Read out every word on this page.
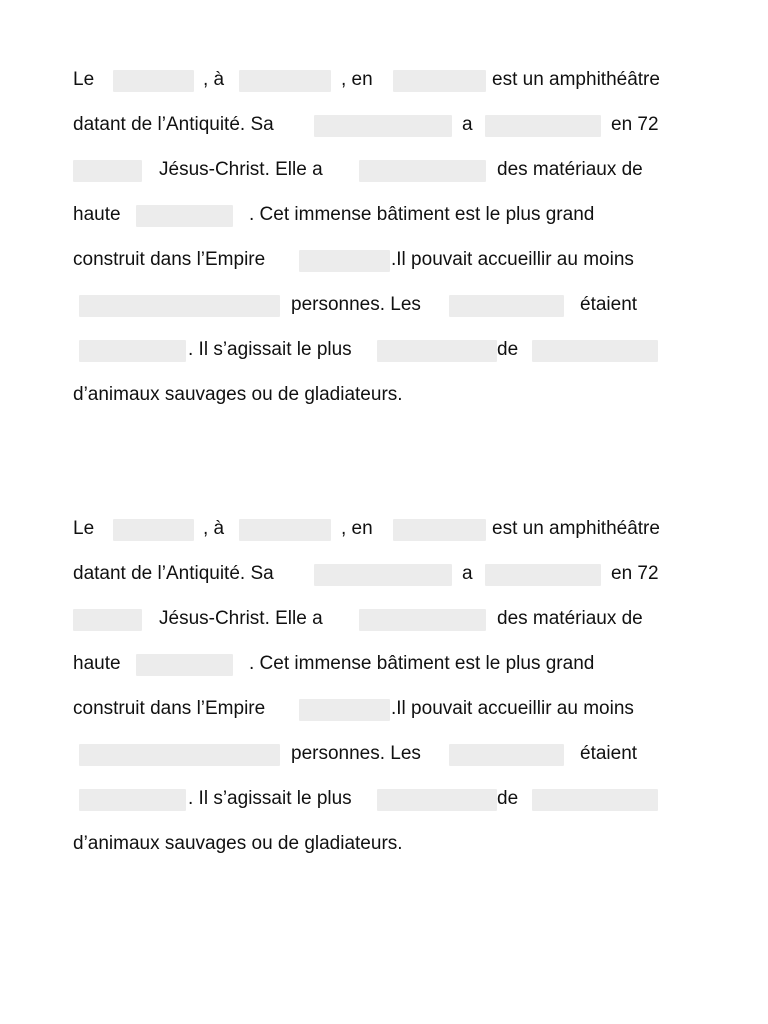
Le	, à	, en	est un amphithéâtre
datant de l’Antiquité. Sa	a	en 72
Jésus-Christ. Elle a	des matériaux de
haute	. Cet immense bâtiment est le plus grand
construit dans l’Empire	.Il pouvait accueillir au moins
personnes. Les	étaient
. Il s’agissait le plus	de
d’animaux sauvages ou de gladiateurs.
Le	, à	, en	est un amphithéâtre
datant de l’Antiquité. Sa	a	en 72
Jésus-Christ. Elle a	des matériaux de
haute	. Cet immense bâtiment est le plus grand
construit dans l’Empire	.Il pouvait accueillir au moins
personnes. Les	étaient
. Il s’agissait le plus	de
d’animaux sauvages ou de gladiateurs.
